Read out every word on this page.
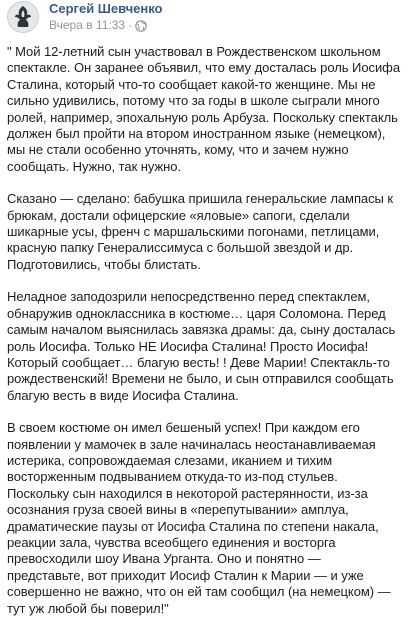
Сергей Шевченко
Вчера в 11:33 ·

" Мой 12-летний сын участвовал в Рождественском школьном спектакле. Он заранее объявил, что ему досталась роль Иосифа Сталина, который что-то сообщает какой-то женщине. Мы не сильно удивились, потому что за годы в школе сыграли много ролей, например, эпохальную роль Арбуза. Поскольку спектакль должен был пройти на втором иностранном языке (немецком), мы не стали особенно уточнять, кому, что и зачем нужно сообщать. Нужно, так нужно.

Сказано — сделано: бабушка пришила генеральские лампасы к брюкам, достали офицерские «яловые» сапоги, сделали шикарные усы, френч с маршальскими погонами, петлицами, красную папку Генералиссимуса с большой звездой и др. Подготовились, чтобы блистать.

Неладное заподозрили непосредственно перед спектаклем, обнаружив одноклассника в костюме… царя Соломона. Перед самым началом выяснилась завязка драмы: да, сыну досталась роль Иосифа. Только НЕ Иосифа Сталина! Просто Иосифа! Который сообщает… благую весть! ! Деве Марии! Спектакль-то рождественский! Времени не было, и сын отправился сообщать благую весть в виде Иосифа Сталина.

В своем костюме он имел бешеный успех! При каждом его появлении у мамочек в зале начиналась неостанавливаемая истерика, сопровождаемая слезами, иканием и тихим восторженным подвыванием откуда-то из-под стульев. Поскольку сын находился в некоторой растерянности, из-за осознания груза своей вины в «перепутывании» амплуа, драматические паузы от Иосифа Сталина по степени накала, реакции зала, чувства всеобщего единения и восторга превосходили шоу Ивана Урганта. Оно и понятно — представьте, вот приходит Иосиф Сталин к Марии — и уже совершенно не важно, что он ей там сообщил (на немецком) — тут уж любой бы поверил!"
